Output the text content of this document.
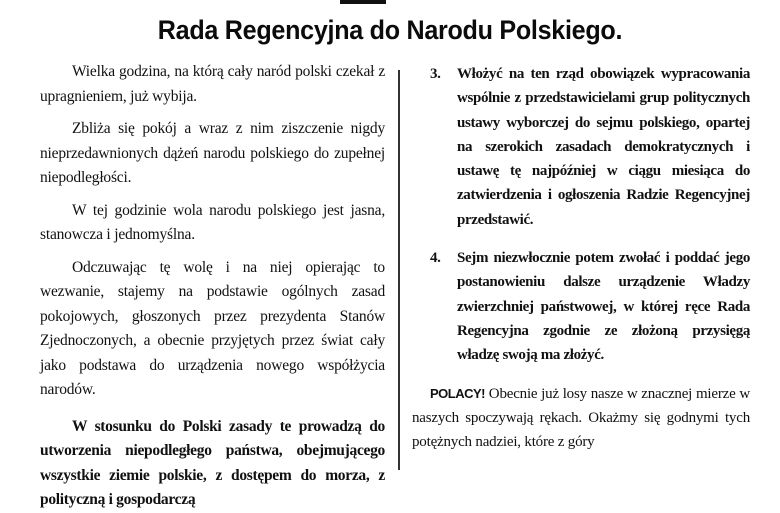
Rada Regencyjna do Narodu Polskiego.

Wielka godzina, na którą cały naród polski czekał z upragnieniem, już wybija.

Zbliża się pokój a wraz z nim ziszczenie nigdy nieprzedawnionych dążeń narodu polskiego do zupełnej niepodległości.

W tej godzinie wola narodu polskiego jest jasna, stanowcza i jednomyślna.

Odczuwając tę wolę i na niej opierając to wezwanie, stajemy na podstawie ogólnych zasad pokojowych, głoszonych przez prezydenta Stanów Zjednoczonych, a obecnie przyjętych przez świat cały jako podstawa do urządzenia nowego współżycia narodów.

W stosunku do Polski zasady te prowadzą do utworzenia niepodległego państwa, obejmującego wszystkie ziemie polskie, z dostępem do morza, z polityczną i gospodarczą

3. Włożyć na ten rząd obowiązek wypracowania wspólnie z przedstawicielami grup politycznych ustawy wyborczej do sejmu polskiego, opartej na szerokich zasadach demokratycznych i ustawę tę najpóźniej w ciągu miesiąca do zatwierdzenia i ogłoszenia Radzie Regencyjnej przedstawić.
4. Sejm niezwłocznie potem zwołać i poddać jego postanowieniu dalsze urządzenie Władzy zwierzchniej państwowej, w której ręce Rada Regencyjna zgodnie ze złożoną przysięgą władzę swoją ma złożyć.

POLACY! Obecnie już losy nasze w znacznej mierze w naszych spoczywają rękach. Okażmy się godnymi tych potężnych nadziei, które z góry
